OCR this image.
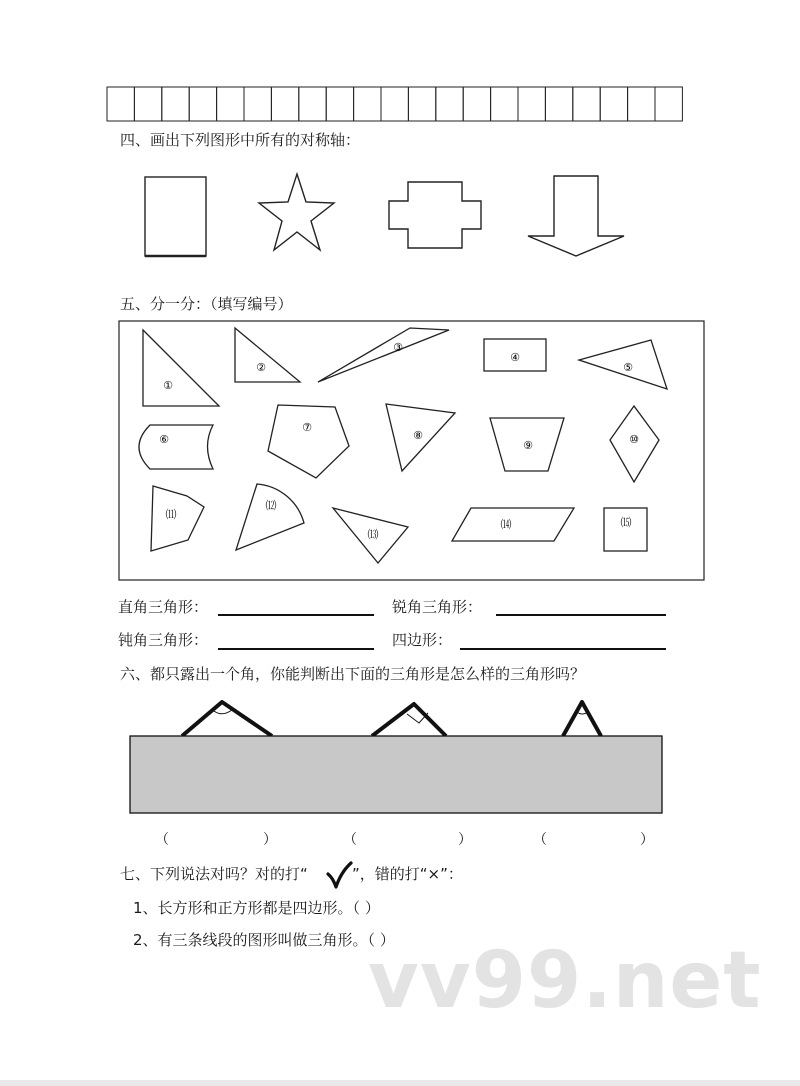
四、画出下列图形中所有的对称轴：
五、分一分：（填写编号）
①
②
③
④
⑤
⑥
⑦
⑧
⑨	⑩
⑾
⑿
⒀
⒁	⒂
直角三角形：	锐角三角形：
钝角三角形：	四边形：
六、都只露出一个角，你能判断出下面的三角形是怎么样的三角形吗？
（	）	（	）	（	）
七、下列说法对吗？对的打“	”，错的打“×”：
1、长方形和正方形都是四边形。（ ）
2、有三条线段的图形叫做三角形。（ ）
vv99.net
